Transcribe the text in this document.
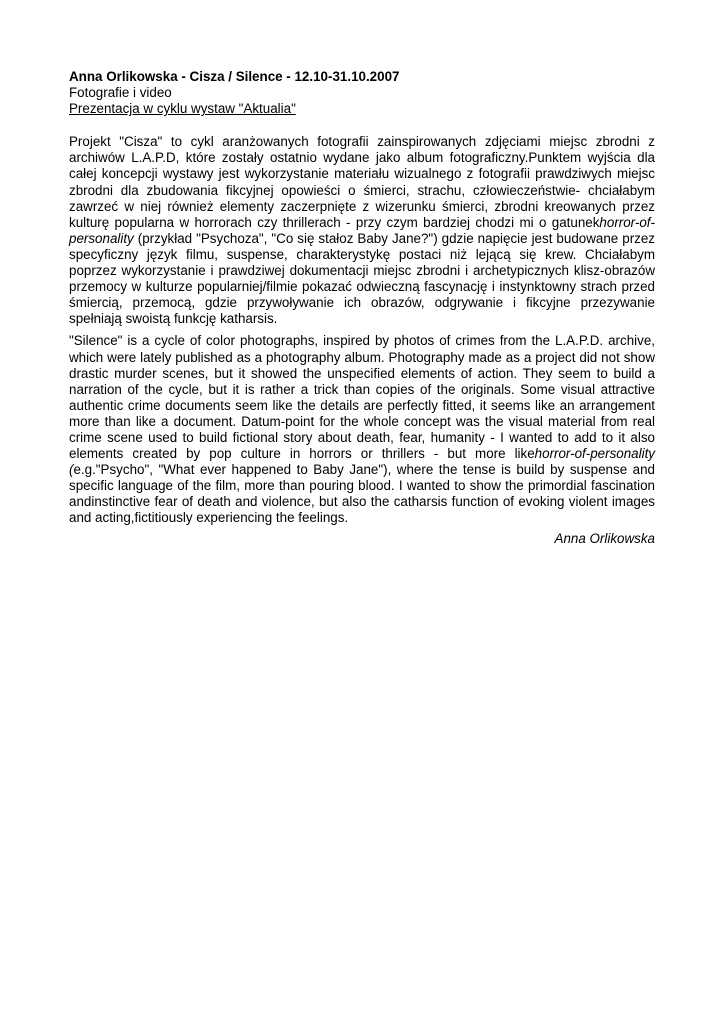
Anna Orlikowska - Cisza / Silence - 12.10-31.10.2007
Fotografie i video
Prezentacja w cyklu wystaw "Aktualia"

Projekt "Cisza" to cykl aranżowanych fotografii zainspirowanych zdjęciami miejsc zbrodni z archiwów L.A.P.D, które zostały ostatnio wydane jako album fotograficzny.Punktem wyjścia dla całej koncepcji wystawy jest wykorzystanie materiału wizualnego z fotografii prawdziwych miejsc zbrodni dla zbudowania fikcyjnej opowieści o śmierci, strachu, człowieczeństwie- chciałabym zawrzeć w niej również elementy zaczerpnięte z wizerunku śmierci, zbrodni kreowanych przez kulturę popularna w horrorach czy thrillerach - przy czym bardziej chodzi mi o gatunekhorror-of- personality (przykład "Psychoza", "Co się stałoz Baby Jane?") gdzie napięcie jest budowane przez specyficzny język filmu, suspense, charakterystykę postaci niż lejącą się krew. Chciałabym poprzez wykorzystanie i prawdziwej dokumentacji miejsc zbrodni i archetypicznych klisz-obrazów przemocy w kulturze popularniej/filmie pokazać odwieczną fascynację i instynktowny strach przed śmiercią, przemocą, gdzie przywoływanie ich obrazów, odgrywanie i fikcyjne przezywanie spełniają swoistą funkcję katharsis.

"Silence" is a cycle of color photographs, inspired by photos of crimes from the L.A.P.D. archive, which were lately published as a photography album. Photography made as a project did not show drastic murder scenes, but it showed the unspecified elements of action. They seem to build a narration of the cycle, but it is rather a trick than copies of the originals. Some visual attractive authentic crime documents seem like the details are perfectly fitted, it seems like an arrangement more than like a document. Datum-point for the whole concept was the visual material from real crime scene used to build fictional story about death, fear, humanity - I wanted to add to it also elements created by pop culture in horrors or thrillers - but more likehorror-of-personality (e.g."Psycho", "What ever happened to Baby Jane"), where the tense is build by suspense and specific language of the film, more than pouring blood. I wanted to show the primordial fascination andinstinctive fear of death and violence, but also the catharsis function of evoking violent images and acting,fictitiously experiencing the feelings.

Anna Orlikowska
